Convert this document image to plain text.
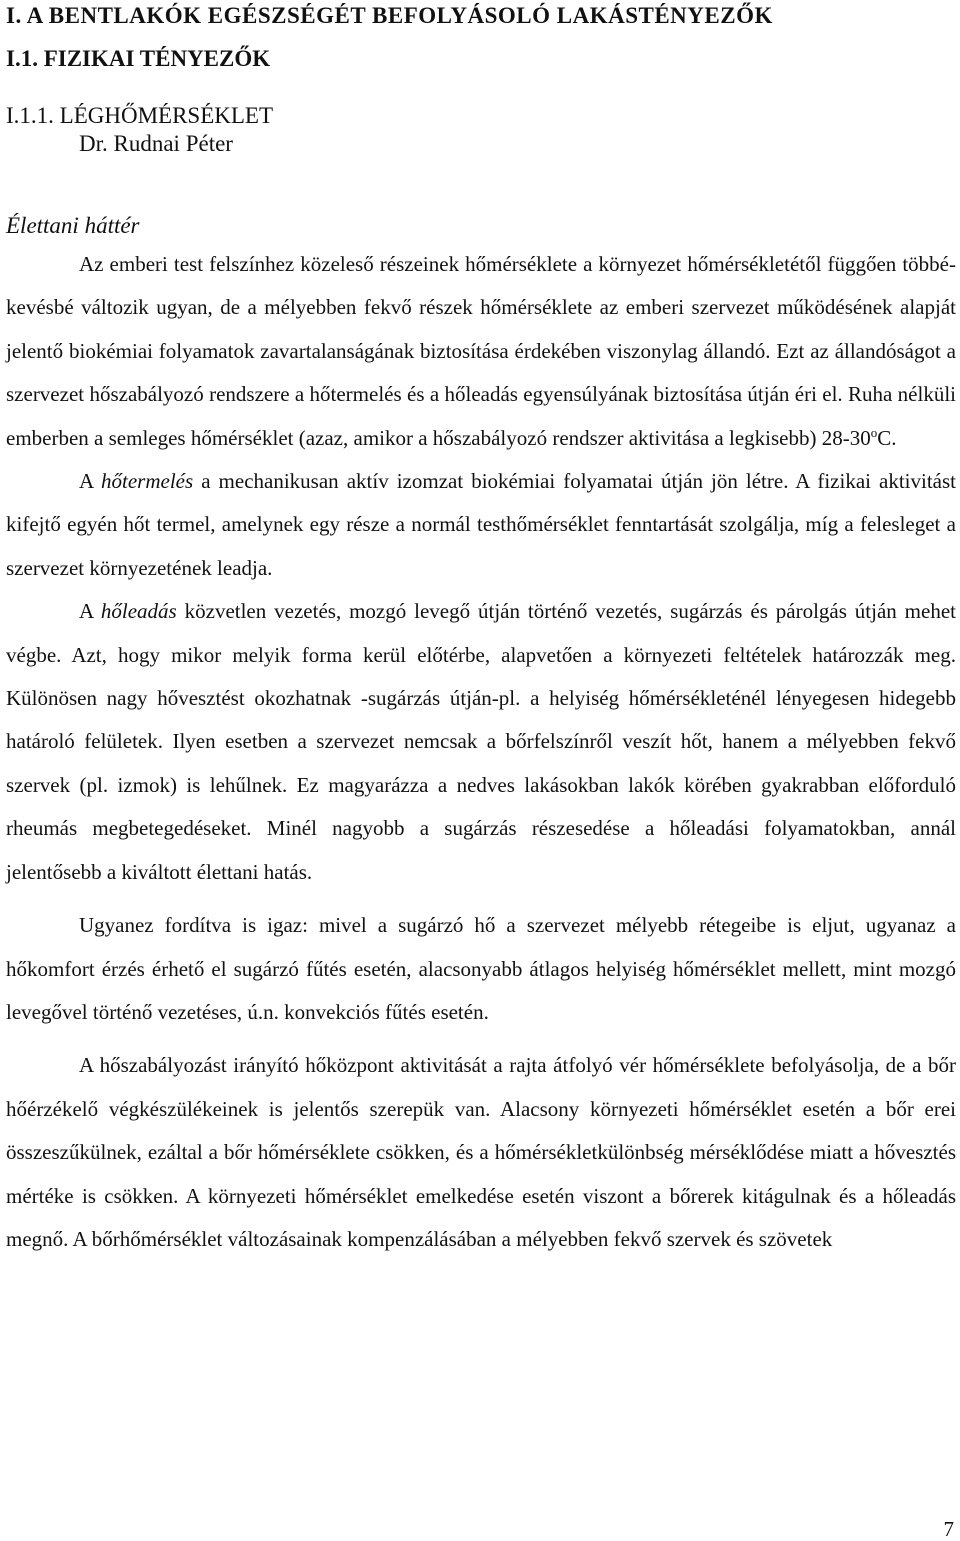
I. A BENTLAKÓK EGÉSZSÉGÉT BEFOLYÁSOLÓ LAKÁSTÉNYEZŐK
I.1. FIZIKAI TÉNYEZŐK
I.1.1. LÉGHŐMÉRSÉKLET
Dr. Rudnai Péter
Élettani háttér

Az emberi test felszínhez közeleső részeinek hőmérséklete a környezet hőmérsékletétől függően többé-kevésbé változik ugyan, de a mélyebben fekvő részek hőmérséklete az emberi szervezet működésének alapját jelentő biokémiai folyamatok zavartalanságának biztosítása érdekében viszonylag állandó. Ezt az állandóságot a szervezet hőszabályozó rendszere a hőtermelés és a hőleadás egyensúlyának biztosítása útján éri el. Ruha nélküli emberben a semleges hőmérséklet (azaz, amikor a hőszabályozó rendszer aktivitása a legkisebb) 28-30$^o$C.

A hőtermelés a mechanikusan aktív izomzat biokémiai folyamatai útján jön létre. A fizikai aktivitást kifejtő egyén hőt termel, amelynek egy része a normál testhőmérséklet fenntartását szolgálja, míg a felesleget a szervezet környezetének leadja.

A hőleadás közvetlen vezetés, mozgó levegő útján történő vezetés, sugárzás és párolgás útján mehet végbe. Azt, hogy mikor melyik forma kerül előtérbe, alapvetően a környezeti feltételek határozzák meg. Különösen nagy hővesztést okozhatnak -sugárzás útján-pl. a helyiség hőmérsékleténél lényegesen hidegebb határoló felületek. Ilyen esetben a szervezet nemcsak a bőrfelszínről veszít hőt, hanem a mélyebben fekvő szervek (pl. izmok) is lehűlnek. Ez magyarázza a nedves lakásokban lakók körében gyakrabban előforduló rheumás megbetegedéseket. Minél nagyobb a sugárzás részesedése a hőleadási folyamatokban, annál jelentősebb a kiváltott élettani hatás.

Ugyanez fordítva is igaz: mivel a sugárzó hő a szervezet mélyebb rétegeibe is eljut, ugyanaz a hőkomfort érzés érhető el sugárzó fűtés esetén, alacsonyabb átlagos helyiség hőmérséklet mellett, mint mozgó levegővel történő vezetéses, ú.n. konvekciós fűtés esetén.

A hőszabályozást irányító hőközpont aktivitását a rajta átfolyó vér hőmérséklete befolyásolja, de a bőr hőérzékelő végkészülékeinek is jelentős szerepük van. Alacsony környezeti hőmérséklet esetén a bőr erei összeszűkülnek, ezáltal a bőr hőmérséklete csökken, és a hőmérsékletkülönbség mérséklődése miatt a hővesztés mértéke is csökken. A környezeti hőmérséklet emelkedése esetén viszont a bőrerek kitágulnak és a hőleadás megnő. A bőrhőmérséklet változásainak kompenzálásában a mélyebben fekvő szervek és szövetek

7
